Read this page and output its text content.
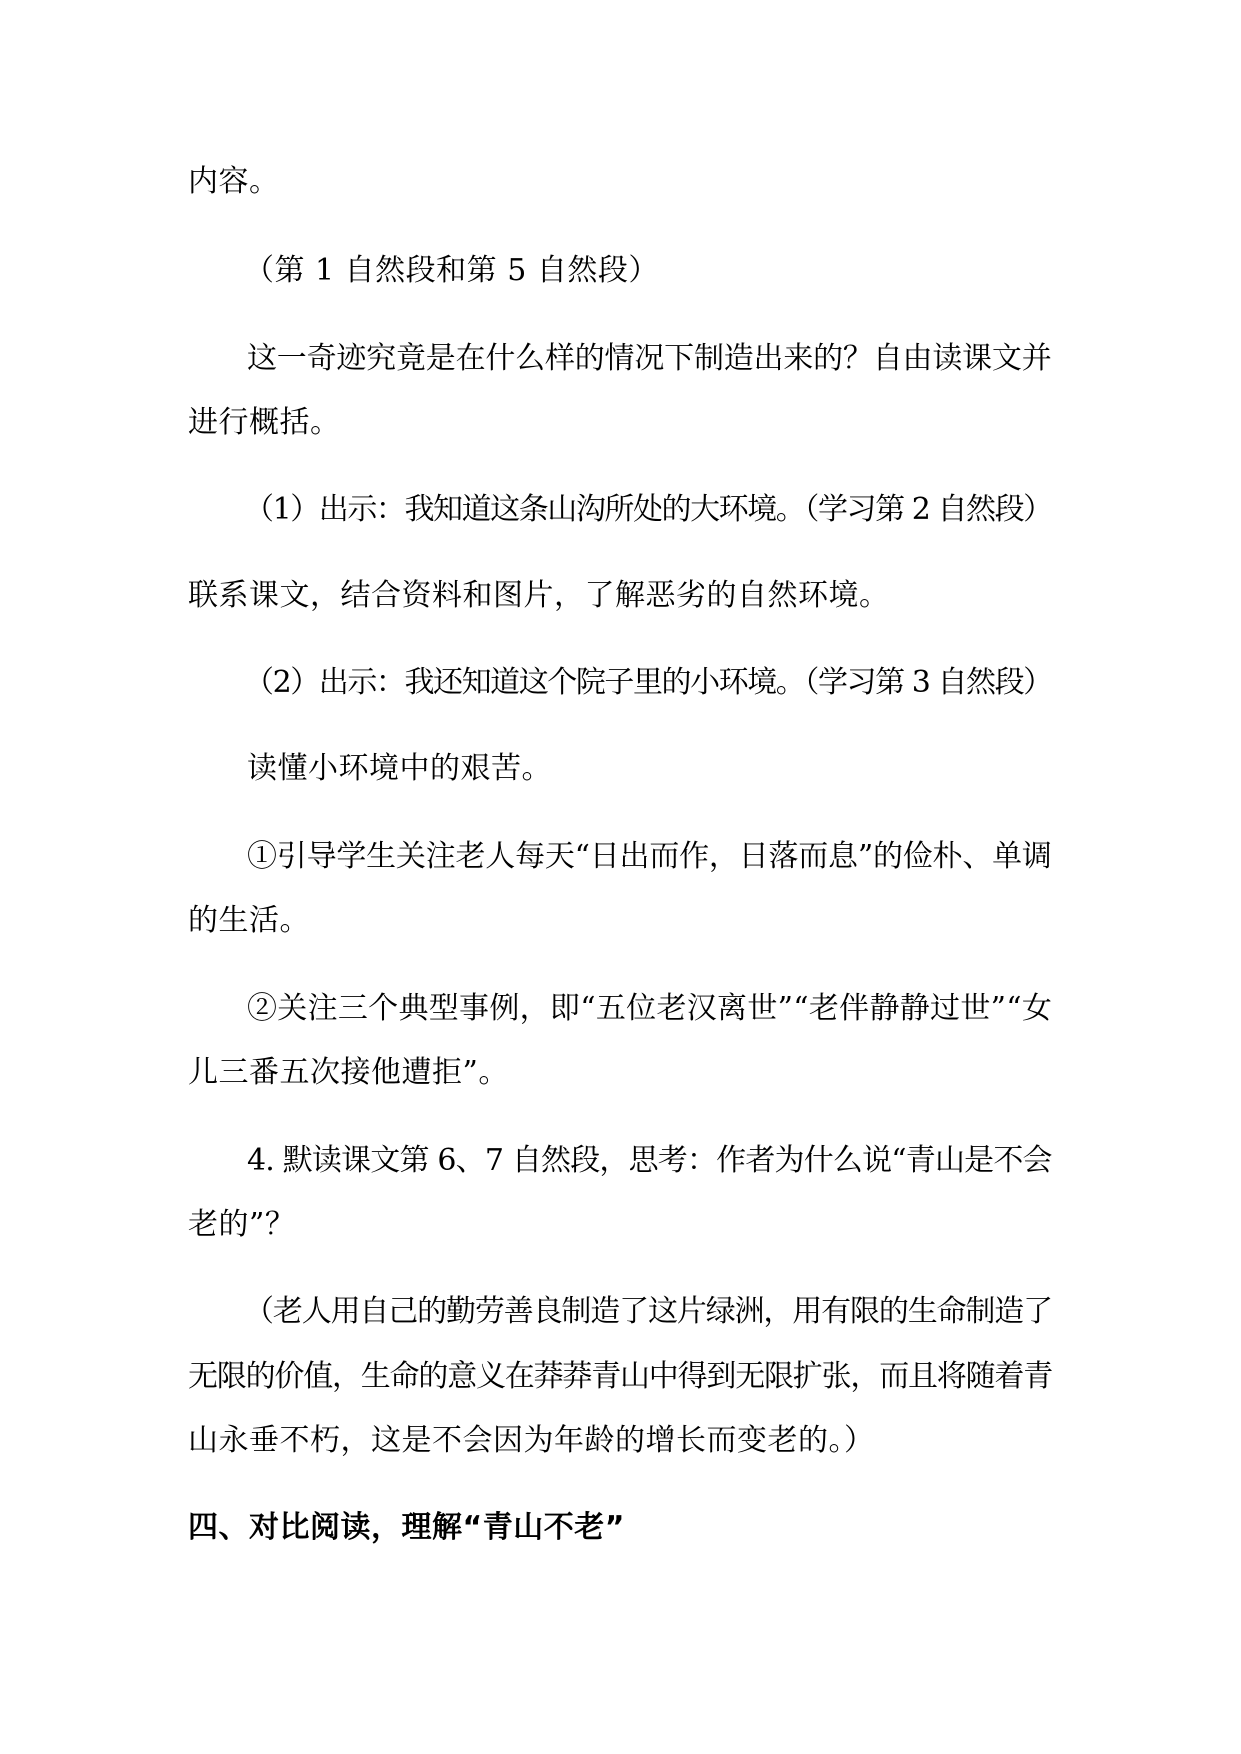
内容。
（第 1 自然段和第 5 自然段）
这一奇迹究竟是在什么样的情况下制造出来的？自由读课文并
进行概括。
（1）出示：我知道这条山沟所处的大环境。（学习第 2 自然段）
联系课文，结合资料和图片，了解恶劣的自然环境。
（2）出示：我还知道这个院子里的小环境。（学习第 3 自然段）
读懂小环境中的艰苦。
①引导学生关注老人每天“日出而作，日落而息”的俭朴、单调
的生活。
②关注三个典型事例，即“五位老汉离世”“老伴静静过世”“女
儿三番五次接他遭拒”。
4. 默读课文第 6、7 自然段，思考：作者为什么说“青山是不会
老的”？
（老人用自己的勤劳善良制造了这片绿洲，用有限的生命制造了
无限的价值，生命的意义在莽莽青山中得到无限扩张，而且将随着青
山永垂不朽，这是不会因为年龄的增长而变老的。）
四、对比阅读，理解“青山不老”
